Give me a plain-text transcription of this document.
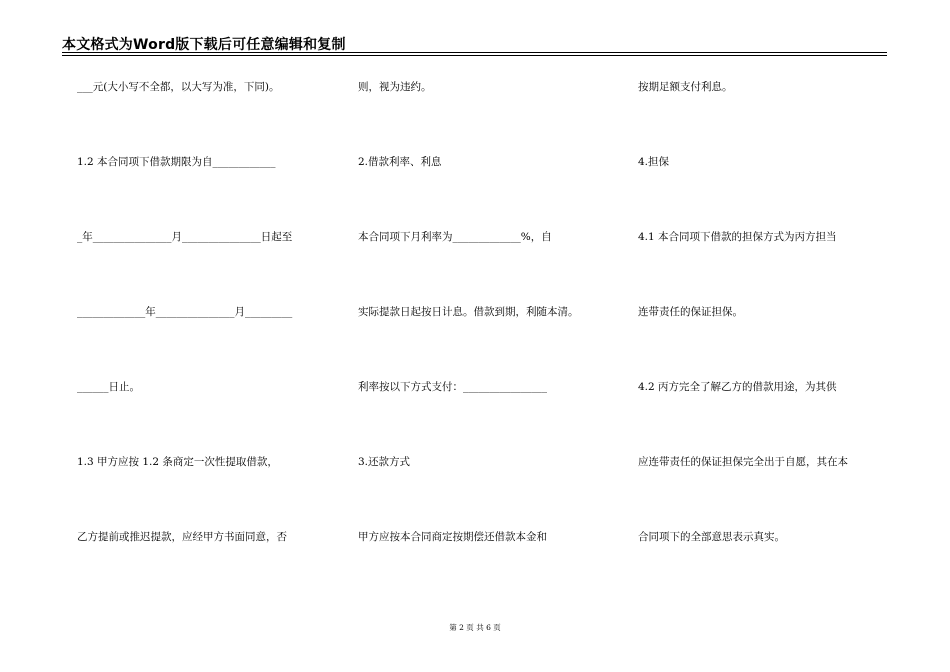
本文格式为Word版下载后可任意编辑和复制
___元(大小写不全都，以大写为准，下同)。
1.2 本合同项下借款期限为自____________
_年_______________月_______________日起至
_____________年_______________月_________
______日止。
1.3 甲方应按 1.2 条商定一次性提取借款，
乙方提前或推迟提款，应经甲方书面同意，否
则，视为违约。
2.借款利率、利息
本合同项下月利率为_____________%，自
实际提款日起按日计息。借款到期，利随本清。
利率按以下方式支付：________________
3.还款方式
甲方应按本合同商定按期偿还借款本金和
按期足额支付利息。
4.担保
4.1 本合同项下借款的担保方式为丙方担当
连带责任的保证担保。
4.2 丙方完全了解乙方的借款用途，为其供
应连带责任的保证担保完全出于自愿，其在本
合同项下的全部意思表示真实。
第 2 页 共 6 页
